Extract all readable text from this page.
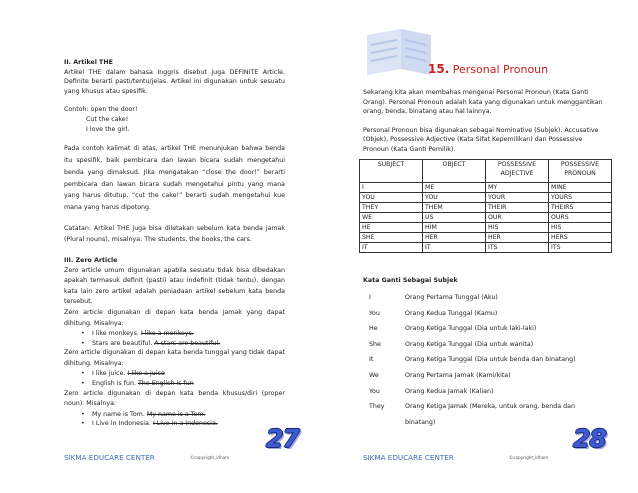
II. Artikel THE

Artikel THE dalam bahasa Inggris disebut juga DEFINITE Article. Definite berarti pasti/tentu/jelas. Artikel ini digunakan untuk sesuatu yang khusus atau spesifik.

Contoh: open the door!

Cut the cake!

I love the girl.

Pada contoh kalimat di atas, artikel THE menunjukan bahwa benda itu spesifik, baik pembicara dan lawan bicara sudah mengetahui benda yang dimaksud. Jika mengatakan “close the door!” berarti pembicara dan lawan bicara sudah mengetahui pintu yang mana yang harus ditutup. “cut the cake!” berarti sudah mengetahui kue mana yang harus dipotong.

Catatan: Artikel THE juga bisa diletakan sebelum kata benda jamak (Plural nouns), misalnya: The students, the books, the cars.

III. Zero Article

Zero article umum digunakan apabila sesuatu tidak bisa dibedakan apakah termasuk definit (pasti) atau indefinit (tidak tentu), dengan kata lain zero artikel adalah peniadaan artikel sebelum kata benda tersebut.

Zero article digunakan di depan kata benda jamak yang dapat dihitung. Misalnya:

• I like monkeys. I like a monkeys.

• Stars are beautiful. A stars are beautiful.

Zero article digunakan di depan kata benda tunggal yang tidak dapat dihitung. Misalnya:

• I like juice. I like a juice

• English is fun. The English is fun

Zero article digunakan di depan kata benda khusus/diri (proper noun). Misalnya:

• My name is Tom. My name is a Tom.

• I Live in Indonesia. I Live in a Indonesia.

SIKMA EDUCARE CENTER	©copyright_idham
27
15. Personal Pronoun

Sekarang kita akan membahas mengenai Personal Pronoun (Kata Ganti Orang). Personal Pronoun adalah kata yang digunakan untuk menggantikan orang, benda, binatang atau hal lainnya.

Personal Pronoun bisa digunakan sebagai Nominative (Subjek), Accusative (Objek), Possessive Adjective (Kata Sifat Kepemilikan) dan Possessive Pronoun (Kata Ganti Pemilik).

SUBJECT	OBJECT	POSSESSIVE ADJECTIVE	POSSESSIVE PRONOUN
I	ME	MY	MINE
YOU	YOU	YOUR	YOURS
THEY	THEM	THEIR	THEIRS
WE	US	OUR	OURS
HE	HIM	HIS	HIS
SHE	HER	HER	HERS
IT	IT	ITS	ITS

Kata Ganti Sebagai Subjek

I	Orang Pertama Tunggal (Aku)
You	Orang Kedua Tunggal (Kamu)
He	Orang Ketiga Tunggal (Dia untuk laki-laki)
She	Orang Ketiga Tunggal (Dia untuk wanita)
It	Orang Ketiga Tunggal (Dia untuk benda dan binatang)
We	Orang Pertama Jamak (Kami/kita)
You	Orang Kedua Jamak (Kalian)
They	Orang Ketiga Jamak (Mereka, untuk orang, benda dan binatang)
SIKMA EDUCARE CENTER	©copyright_idham
28
